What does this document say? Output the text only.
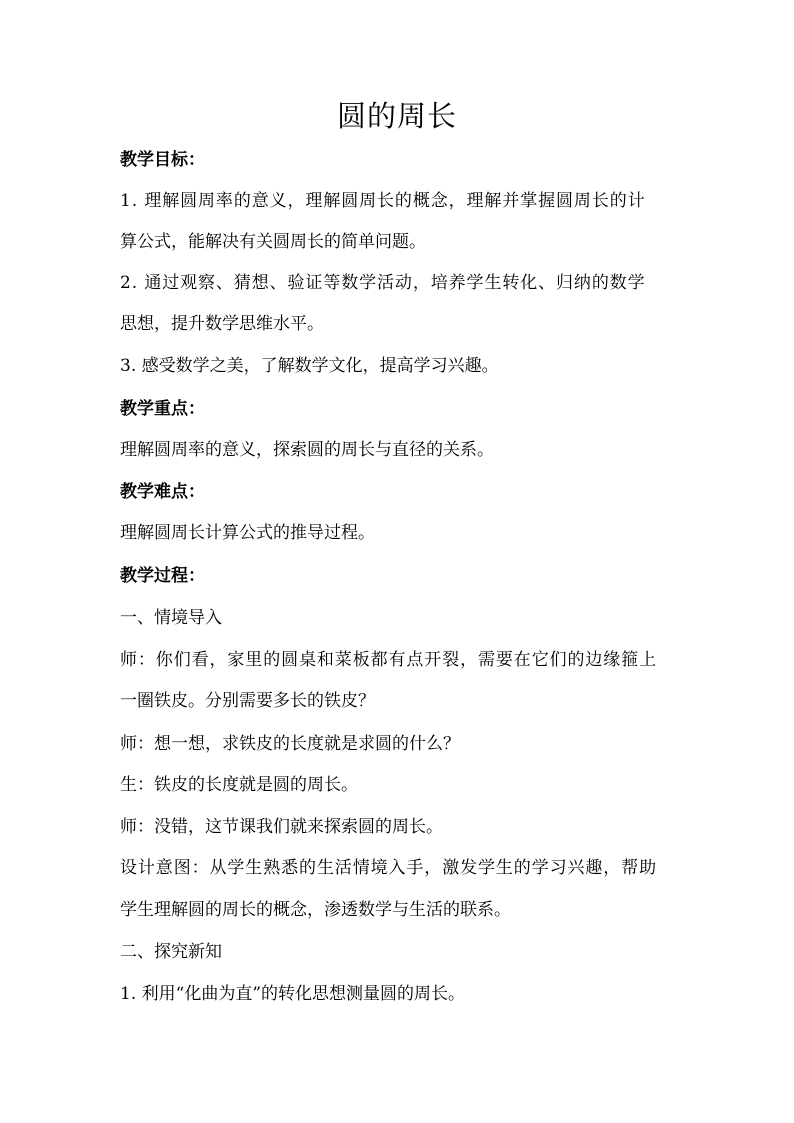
圆的周长
教学目标：
1. 理解圆周率的意义，理解圆周长的概念，理解并掌握圆周长的计
算公式，能解决有关圆周长的简单问题。
2. 通过观察、猜想、验证等数学活动，培养学生转化、归纳的数学
思想，提升数学思维水平。
3. 感受数学之美，了解数学文化，提高学习兴趣。
教学重点：
理解圆周率的意义，探索圆的周长与直径的关系。
教学难点：
理解圆周长计算公式的推导过程。
教学过程：
一、情境导入
师：你们看，家里的圆桌和菜板都有点开裂，需要在它们的边缘箍上
一圈铁皮。分别需要多长的铁皮？
师：想一想，求铁皮的长度就是求圆的什么？
生：铁皮的长度就是圆的周长。
师：没错，这节课我们就来探索圆的周长。
设计意图：从学生熟悉的生活情境入手，激发学生的学习兴趣，帮助
学生理解圆的周长的概念，渗透数学与生活的联系。
二、探究新知
1. 利用“化曲为直”的转化思想测量圆的周长。
